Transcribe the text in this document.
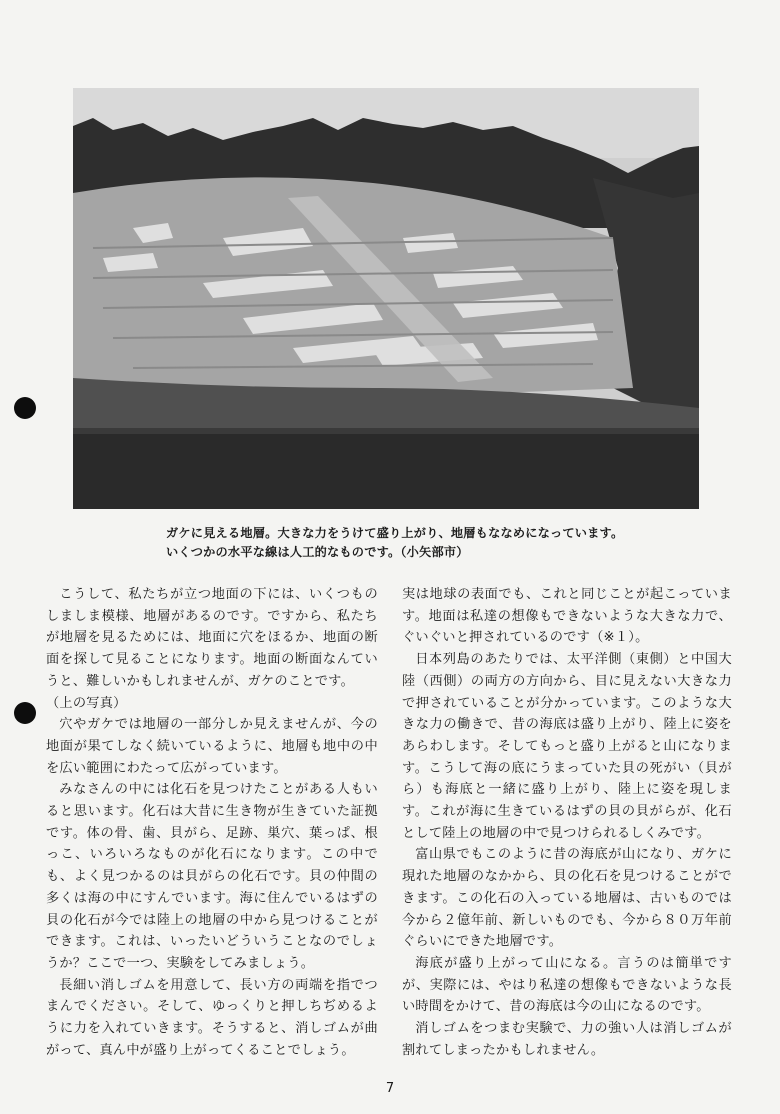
ガケに見える地層。大きな力をうけて盛り上がり、地層もななめになっています。
いくつかの水平な線は人工的なものです。（小矢部市）

こうして、私たちが立つ地面の下には、いくつものしましま模様、地層があるのです。ですから、私たちが地層を見るためには、地面に穴をほるか、地面の断面を探して見ることになります。地面の断面なんていうと、難しいかもしれませんが、ガケのことです。
（上の写真）

穴やガケでは地層の一部分しか見えませんが、今の地面が果てしなく続いているように、地層も地中の中を広い範囲にわたって広がっています。

みなさんの中には化石を見つけたことがある人もいると思います。化石は大昔に生き物が生きていた証拠です。体の骨、歯、貝がら、足跡、巣穴、葉っぱ、根っこ、いろいろなものが化石になります。この中でも、よく見つかるのは貝がらの化石です。貝の仲間の多くは海の中にすんでいます。海に住んでいるはずの貝の化石が今では陸上の地層の中から見つけることができます。これは、いったいどういうことなのでしょうか？ここで一つ、実験をしてみましょう。

長細い消しゴムを用意して、長い方の両端を指でつまんでください。そして、ゆっくりと押しちぢめるように力を入れていきます。そうすると、消しゴムが曲がって、真ん中が盛り上がってくることでしょう。

実は地球の表面でも、これと同じことが起こっています。地面は私達の想像もできないような大きな力で、ぐいぐいと押されているのです（※１）。

日本列島のあたりでは、太平洋側（東側）と中国大陸（西側）の両方の方向から、目に見えない大きな力で押されていることが分かっています。このような大きな力の働きで、昔の海底は盛り上がり、陸上に姿をあらわします。そしてもっと盛り上がると山になります。こうして海の底にうまっていた貝の死がい（貝がら）も海底と一緒に盛り上がり、陸上に姿を現します。これが海に生きているはずの貝の貝がらが、化石として陸上の地層の中で見つけられるしくみです。

富山県でもこのように昔の海底が山になり、ガケに現れた地層のなかから、貝の化石を見つけることができます。この化石の入っている地層は、古いものでは今から２億年前、新しいものでも、今から８０万年前ぐらいにできた地層です。

海底が盛り上がって山になる。言うのは簡単ですが、実際には、やはり私達の想像もできないような長い時間をかけて、昔の海底は今の山になるのです。

消しゴムをつまむ実験で、力の強い人は消しゴムが割れてしまったかもしれません。

7
